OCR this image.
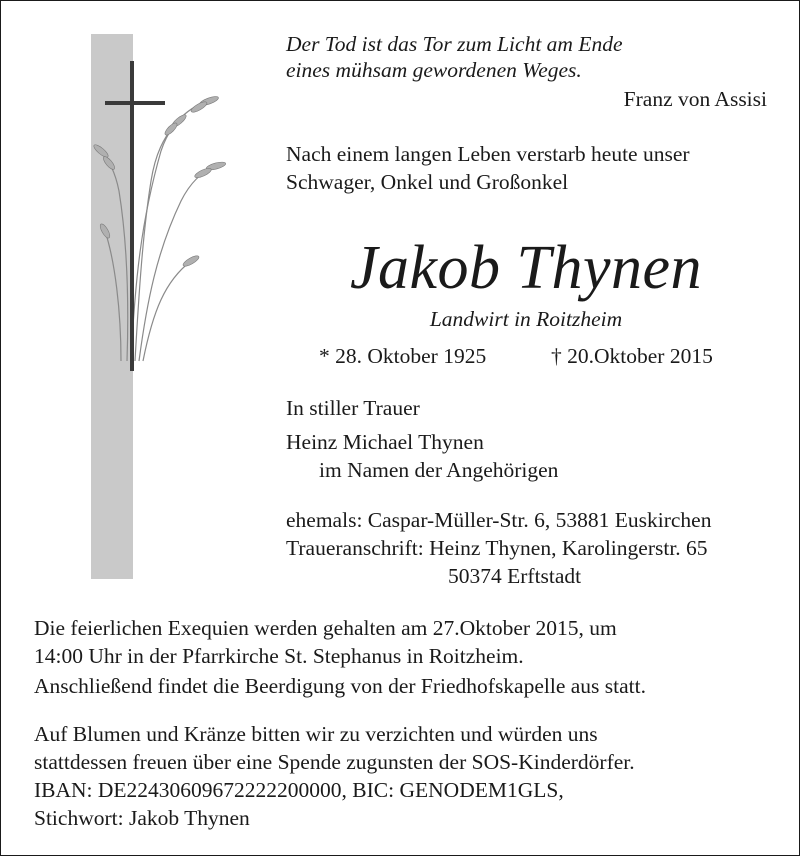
Der Tod ist das Tor zum Licht am Ende
eines mühsam gewordenen Weges.
Franz von Assisi
Nach einem langen Leben verstarb heute unser
Schwager, Onkel und Großonkel
Jakob Thynen
Landwirt in Roitzheim
* 28. Oktober 1925	† 20.Oktober 2015
In stiller Trauer
Heinz Michael Thynen
im Namen der Angehörigen
ehemals: Caspar-Müller-Str. 6, 53881 Euskirchen
Traueranschrift: Heinz Thynen, Karolingerstr. 65
50374 Erftstadt
Die feierlichen Exequien werden gehalten am 27.Oktober 2015, um
14:00 Uhr in der Pfarrkirche St. Stephanus in Roitzheim.
Anschließend findet die Beerdigung von der Friedhofskapelle aus statt.
Auf Blumen und Kränze bitten wir zu verzichten und würden uns
stattdessen freuen über eine Spende zugunsten der SOS-Kinderdörfer.
IBAN: DE22430609672222200000, BIC: GENODEM1GLS,
Stichwort: Jakob Thynen
